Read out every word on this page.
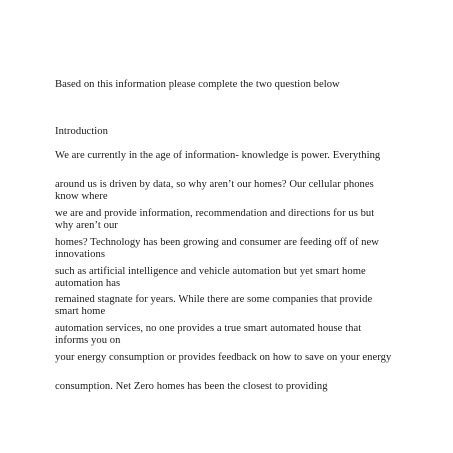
Based on this information please complete the two question below

Introduction

We are currently in the age of information- knowledge is power. Everything

around us is driven by data, so why aren’t our homes? Our cellular phones know where

we are and provide information, recommendation and directions for us but why aren’t our

homes? Technology has been growing and consumer are feeding off of new innovations

such as artificial intelligence and vehicle automation but yet smart home automation has

remained stagnate for years. While there are some companies that provide smart home

automation services, no one provides a true smart automated house that informs you on

your energy consumption or provides feedback on how to save on your energy

consumption. Net Zero homes has been the closest to providing
